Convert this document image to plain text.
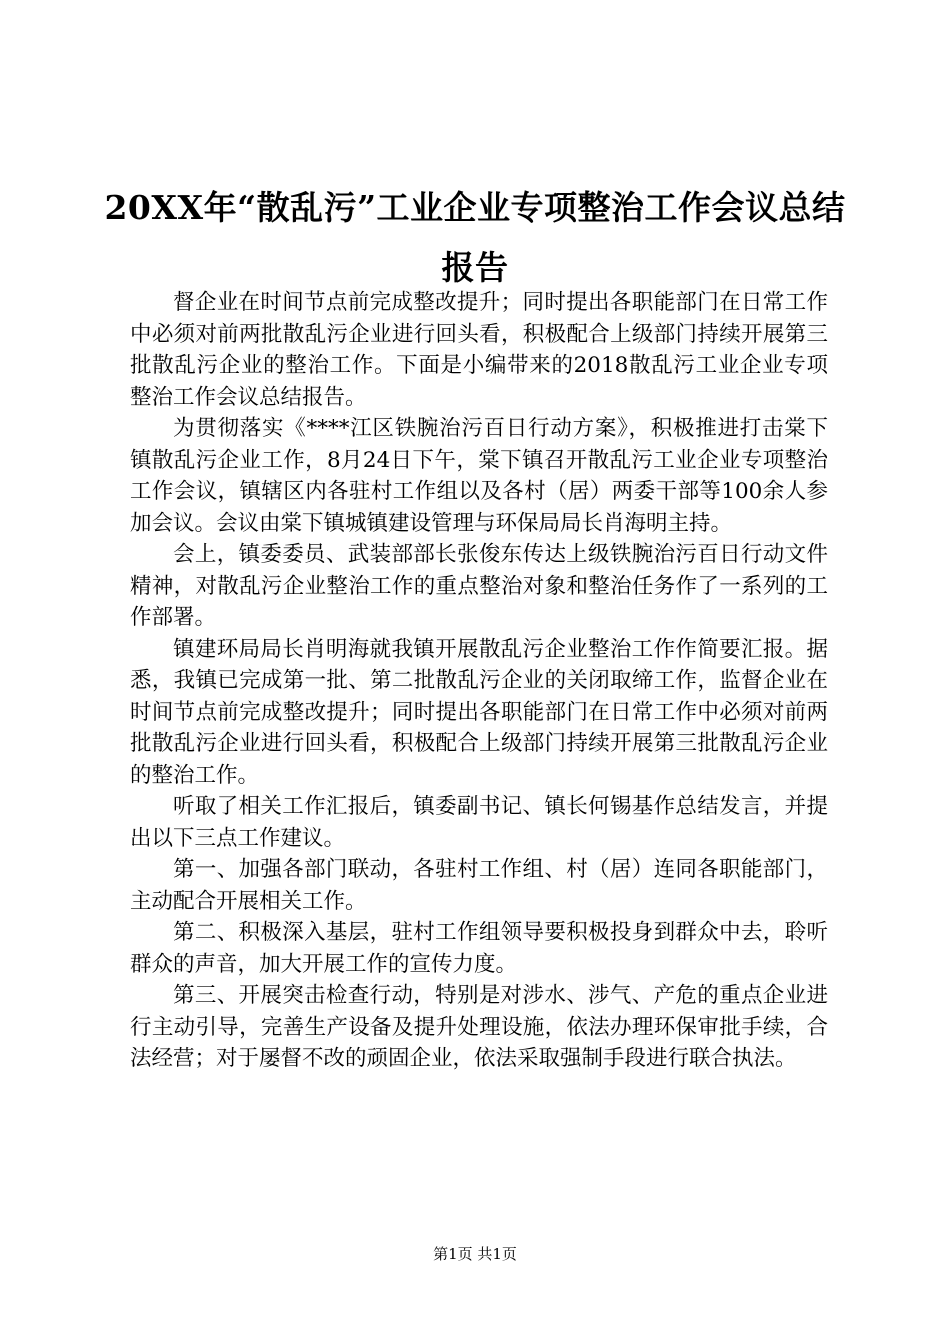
20XX年“散乱污”工业企业专项整治工作会议总结报告

督企业在时间节点前完成整改提升；同时提出各职能部门在日常工作中必须对前两批散乱污企业进行回头看，积极配合上级部门持续开展第三批散乱污企业的整治工作。下面是小编带来的2018散乱污工业企业专项整治工作会议总结报告。

为贯彻落实《****江区铁腕治污百日行动方案》，积极推进打击棠下镇散乱污企业工作，8月24日下午，棠下镇召开散乱污工业企业专项整治工作会议，镇辖区内各驻村工作组以及各村（居）两委干部等100余人参加会议。会议由棠下镇城镇建设管理与环保局局长肖海明主持。

会上，镇委委员、武装部部长张俊东传达上级铁腕治污百日行动文件精神，对散乱污企业整治工作的重点整治对象和整治任务作了一系列的工作部署。

镇建环局局长肖明海就我镇开展散乱污企业整治工作作简要汇报。据悉，我镇已完成第一批、第二批散乱污企业的关闭取缔工作，监督企业在时间节点前完成整改提升；同时提出各职能部门在日常工作中必须对前两批散乱污企业进行回头看，积极配合上级部门持续开展第三批散乱污企业的整治工作。

听取了相关工作汇报后，镇委副书记、镇长何锡基作总结发言，并提出以下三点工作建议。

第一、加强各部门联动，各驻村工作组、村（居）连同各职能部门，主动配合开展相关工作。

第二、积极深入基层，驻村工作组领导要积极投身到群众中去，聆听群众的声音，加大开展工作的宣传力度。

第三、开展突击检查行动，特别是对涉水、涉气、产危的重点企业进行主动引导，完善生产设备及提升处理设施，依法办理环保审批手续，合法经营；对于屡督不改的顽固企业，依法采取强制手段进行联合执法。

第1页 共1页
